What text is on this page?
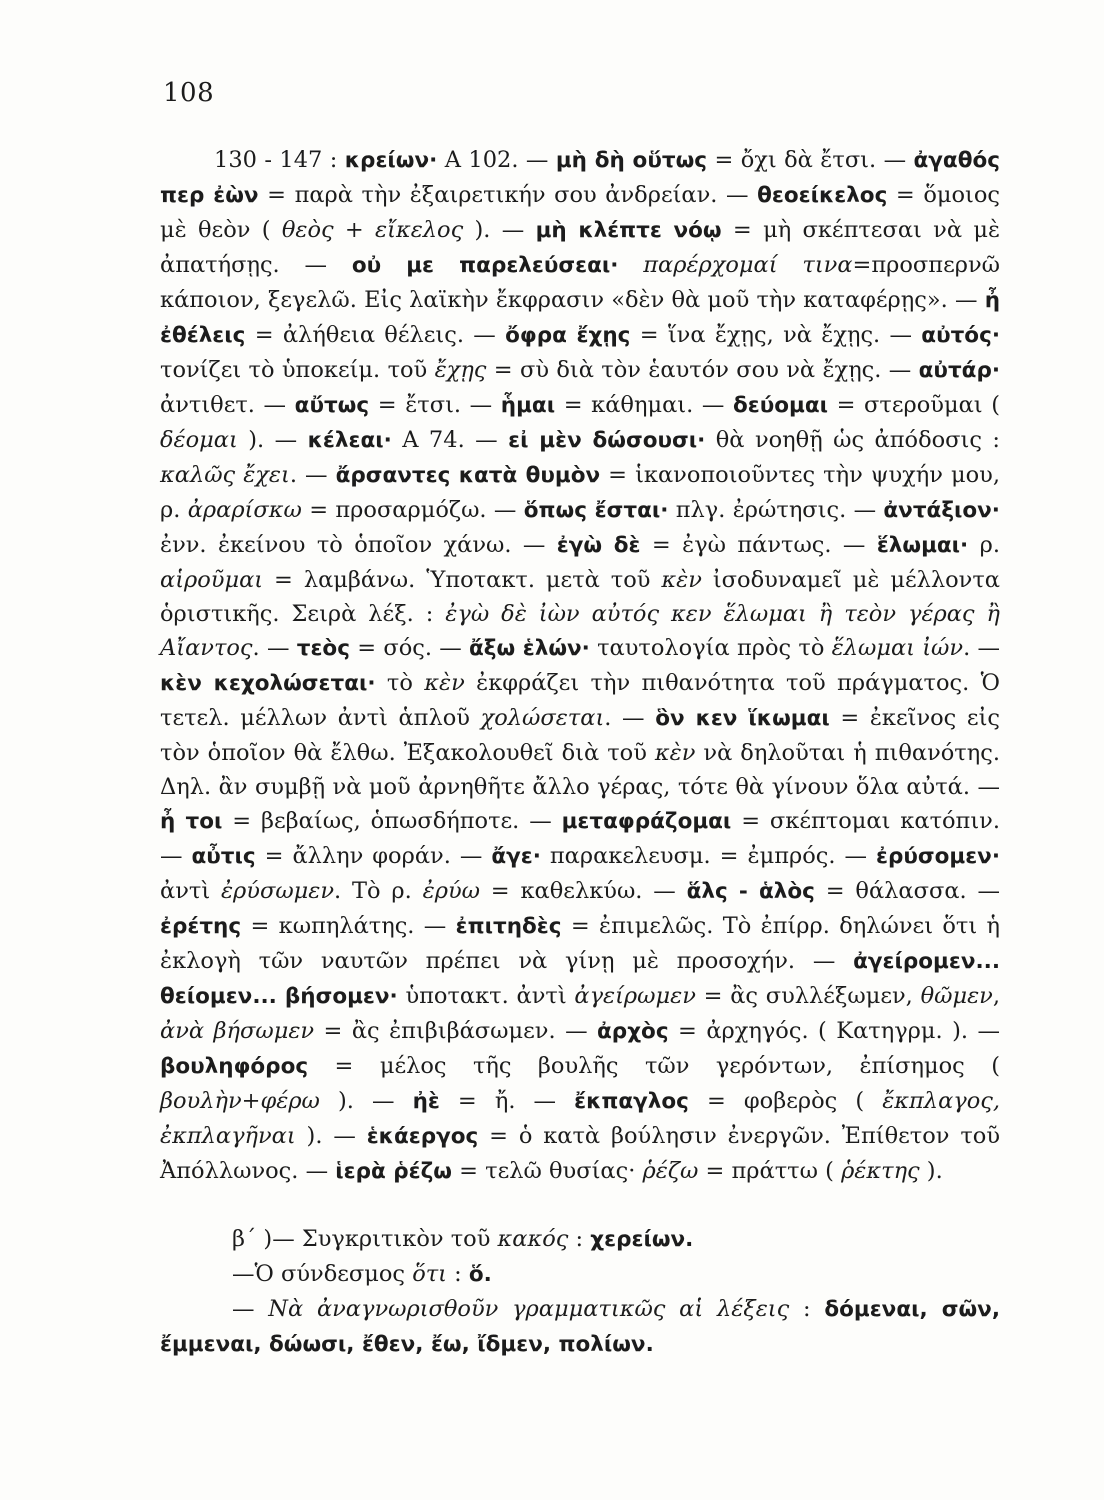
108

130 - 147 : κρείων· Α 102. — μὴ δὴ οὕτως = ὄχι δὰ ἔτσι. — ἀγαθός περ ἐὼν = παρὰ τὴν ἐξαιρετικήν σου ἀνδρείαν. — θεοείκελος = ὅμοιος μὲ θεὸν ( θεὸς + εἴκελος ). — μὴ κλέπτε νόῳ = μὴ σκέπτεσαι νὰ μὲ ἀπατήσῃς. — οὐ με παρελεύσεαι· παρέρχομαί τινα=προσπερνῶ κάποιον, ξεγελῶ. Εἰς λαϊκὴν ἔκφρασιν «δὲν θὰ μοῦ τὴν καταφέρῃς». — ἦ ἐθέλεις = ἀλήθεια θέλεις. — ὄφρα ἔχῃς = ἵνα ἔχῃς, νὰ ἔχῃς. — αὐτός· τονίζει τὸ ὑποκείμ. τοῦ ἔχῃς = σὺ διὰ τὸν ἑαυτόν σου νὰ ἔχῃς. — αὐτάρ· ἀντιθετ. — αὔτως = ἔτσι. — ἧμαι = κάθημαι. — δεύομαι = στεροῦμαι ( δέομαι ). — κέλεαι· Α 74. — εἰ μὲν δώσουσι· θὰ νοηθῇ ὡς ἀπόδοσις : καλῶς ἔχει. — ἄρσαντες κατὰ θυμὸν = ἱκανοποιοῦντες τὴν ψυχήν μου, ρ. ἀραρίσκω = προσαρμόζω. — ὅπως ἔσται· πλγ. ἐρώτησις. — ἀντάξιον· ἐνν. ἐκείνου τὸ ὁποῖον χάνω. — ἐγὼ δὲ = ἐγὼ πάντως. — ἕλωμαι· ρ. αἱροῦμαι = λαμβάνω. Ὑποτακτ. μετὰ τοῦ κὲν ἰσοδυναμεῖ μὲ μέλλοντα ὁριστικῆς. Σειρὰ λέξ. : ἐγὼ δὲ ἰὼν αὐτός κεν ἕλωμαι ἢ τεὸν γέρας ἢ Αἴαντος. — τεὸς = σός. — ἄξω ἑλών· ταυτολογία πρὸς τὸ ἕλωμαι ἰών. — κὲν κεχολώσεται· τὸ κὲν ἐκφράζει τὴν πιθανότητα τοῦ πράγματος. Ὁ τετελ. μέλλων ἀντὶ ἁπλοῦ χολώσεται. — ὃν κεν ἵκωμαι = ἐκεῖνος εἰς τὸν ὁποῖον θὰ ἔλθω. Ἐξακολουθεῖ διὰ τοῦ κὲν νὰ δηλοῦται ἡ πιθανότης. Δηλ. ἂν συμβῇ νὰ μοῦ ἀρνηθῆτε ἄλλο γέρας, τότε θὰ γίνουν ὅλα αὐτά. — ἦ τοι = βεβαίως, ὁπωσδήποτε. — μεταφράζομαι = σκέπτομαι κατόπιν. — αὖτις = ἄλλην φοράν. — ἄγε· παρακελευσμ. = ἐμπρός. — ἐρύσομεν· ἀντὶ ἐρύσωμεν. Τὸ ρ. ἐρύω = καθελκύω. — ἅλς - ἁλὸς = θάλασσα. — ἐρέτης = κωπηλάτης. — ἐπιτηδὲς = ἐπιμελῶς. Τὸ ἐπίρρ. δηλώνει ὅτι ἡ ἐκλογὴ τῶν ναυτῶν πρέπει νὰ γίνῃ μὲ προσοχήν. — ἀγείρομεν... θείομεν... βήσομεν· ὑποτακτ. ἀντὶ ἀγείρωμεν = ἂς συλλέξωμεν, θῶμεν, ἀνὰ βήσωμεν = ἂς ἐπιβιβάσωμεν. — ἀρχὸς = ἀρχηγός. ( Κατηγρμ. ). — βουληφόρος = μέλος τῆς βουλῆς τῶν γερόντων, ἐπίσημος ( βουλὴν+φέρω ). — ἠὲ = ἤ. — ἔκπαγλος = φοβερὸς ( ἔκπλαγος, ἐκπλαγῆναι ). — ἑκάεργος = ὁ κατὰ βούλησιν ἐνεργῶν. Ἐπίθετον τοῦ Ἀπόλλωνος. — ἱερὰ ῥέζω = τελῶ θυσίας· ῥέζω = πράττω ( ῥέκτης ).

β΄ )— Συγκριτικὸν τοῦ κακός : χερείων.

—Ὁ σύνδεσμος ὅτι : ὅ.

— Νὰ ἀναγνωρισθοῦν γραμματικῶς αἱ λέξεις : δόμεναι, σῶν, ἔμμεναι, δώωσι, ἔθεν, ἔω, ἴδμεν, πολίων.
